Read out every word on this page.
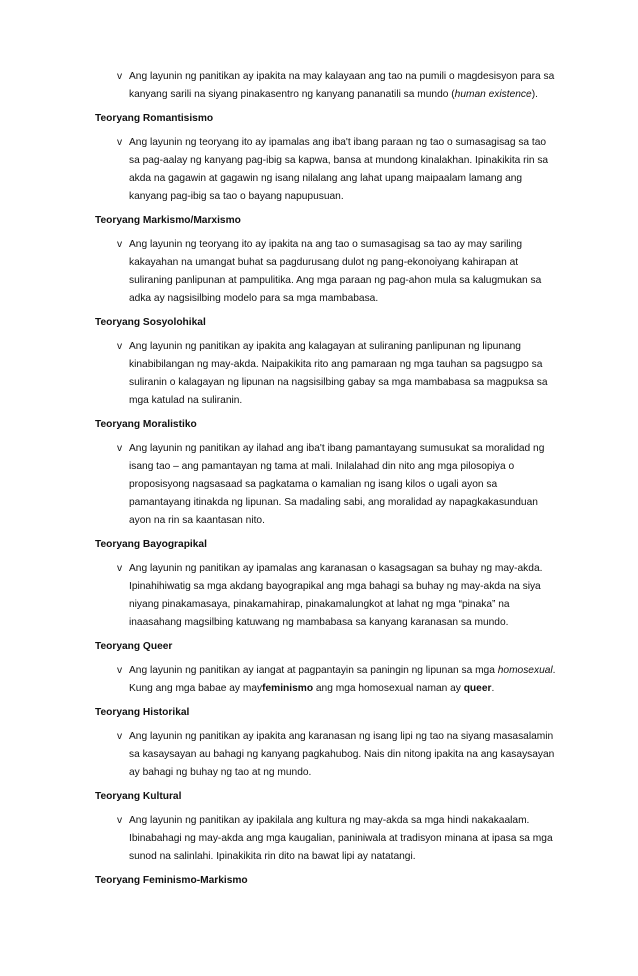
v Ang layunin ng panitikan ay ipakita na may kalayaan ang tao na pumili o magdesisyon para sa kanyang sarili na siyang pinakasentro ng kanyang pananatili sa mundo (human existence).

Teoryang Romantisismo
v Ang layunin ng teoryang ito ay ipamalas ang iba't ibang paraan ng tao o sumasagisag sa tao sa pag-aalay ng kanyang pag-ibig sa kapwa, bansa at mundong kinalakhan. Ipinakikita rin sa akda na gagawin at gagawin ng isang nilalang ang lahat upang maipaalam lamang ang kanyang pag-ibig sa tao o bayang napupusuan.

Teoryang Markismo/Marxismo
v Ang layunin ng teoryang ito ay ipakita na ang tao o sumasagisag sa tao ay may sariling kakayahan na umangat buhat sa pagdurusang dulot ng pang-ekonoiyang kahirapan at suliraning panlipunan at pampulitika. Ang mga paraan ng pag-ahon mula sa kalugmukan sa adka ay nagsisilbing modelo para sa mga mambabasa.

Teoryang Sosyolohikal
v Ang layunin ng panitikan ay ipakita ang kalagayan at suliraning panlipunan ng lipunang kinabibilangan ng may-akda. Naipakikita rito ang pamaraan ng mga tauhan sa pagsugpo sa suliranin o kalagayan ng lipunan na nagsisilbing gabay sa mga mambabasa sa magpuksa sa mga katulad na suliranin.

Teoryang Moralistiko
v Ang layunin ng panitikan ay ilahad ang iba't ibang pamantayang sumusukat sa moralidad ng isang tao – ang pamantayan ng tama at mali. Inilalahad din nito ang mga pilosopiya o proposisyong nagsasaad sa pagkatama o kamalian ng isang kilos o ugali ayon sa pamantayang itinakda ng lipunan. Sa madaling sabi, ang moralidad ay napagkakasunduan ayon na rin sa kaantasan nito.

Teoryang Bayograpikal
v Ang layunin ng panitikan ay ipamalas ang karanasan o kasagsagan sa buhay ng may-akda. Ipinahihiwatig sa mga akdang bayograpikal ang mga bahagi sa buhay ng may-akda na siya niyang pinakamasaya, pinakamahirap, pinakamalungkot at lahat ng mga “pinaka” na inaasahang magsilbing katuwang ng mambabasa sa kanyang karanasan sa mundo.

Teoryang Queer
v Ang layunin ng panitikan ay iangat at pagpantayin sa paningin ng lipunan sa mga homosexual. Kung ang mga babae ay mayfeminismo ang mga homosexual naman ay queer.

Teoryang Historikal
v Ang layunin ng panitikan ay ipakita ang karanasan ng isang lipi ng tao na siyang masasalamin sa kasaysayan au bahagi ng kanyang pagkahubog. Nais din nitong ipakita na ang kasaysayan ay bahagi ng buhay ng tao at ng mundo.

Teoryang Kultural
v Ang layunin ng panitikan ay ipakilala ang kultura ng may-akda sa mga hindi nakakaalam. Ibinabahagi ng may-akda ang mga kaugalian, paniniwala at tradisyon minana at ipasa sa mga sunod na salinlahi. Ipinakikita rin dito na bawat lipi ay natatangi.

Teoryang Feminismo-Markismo
